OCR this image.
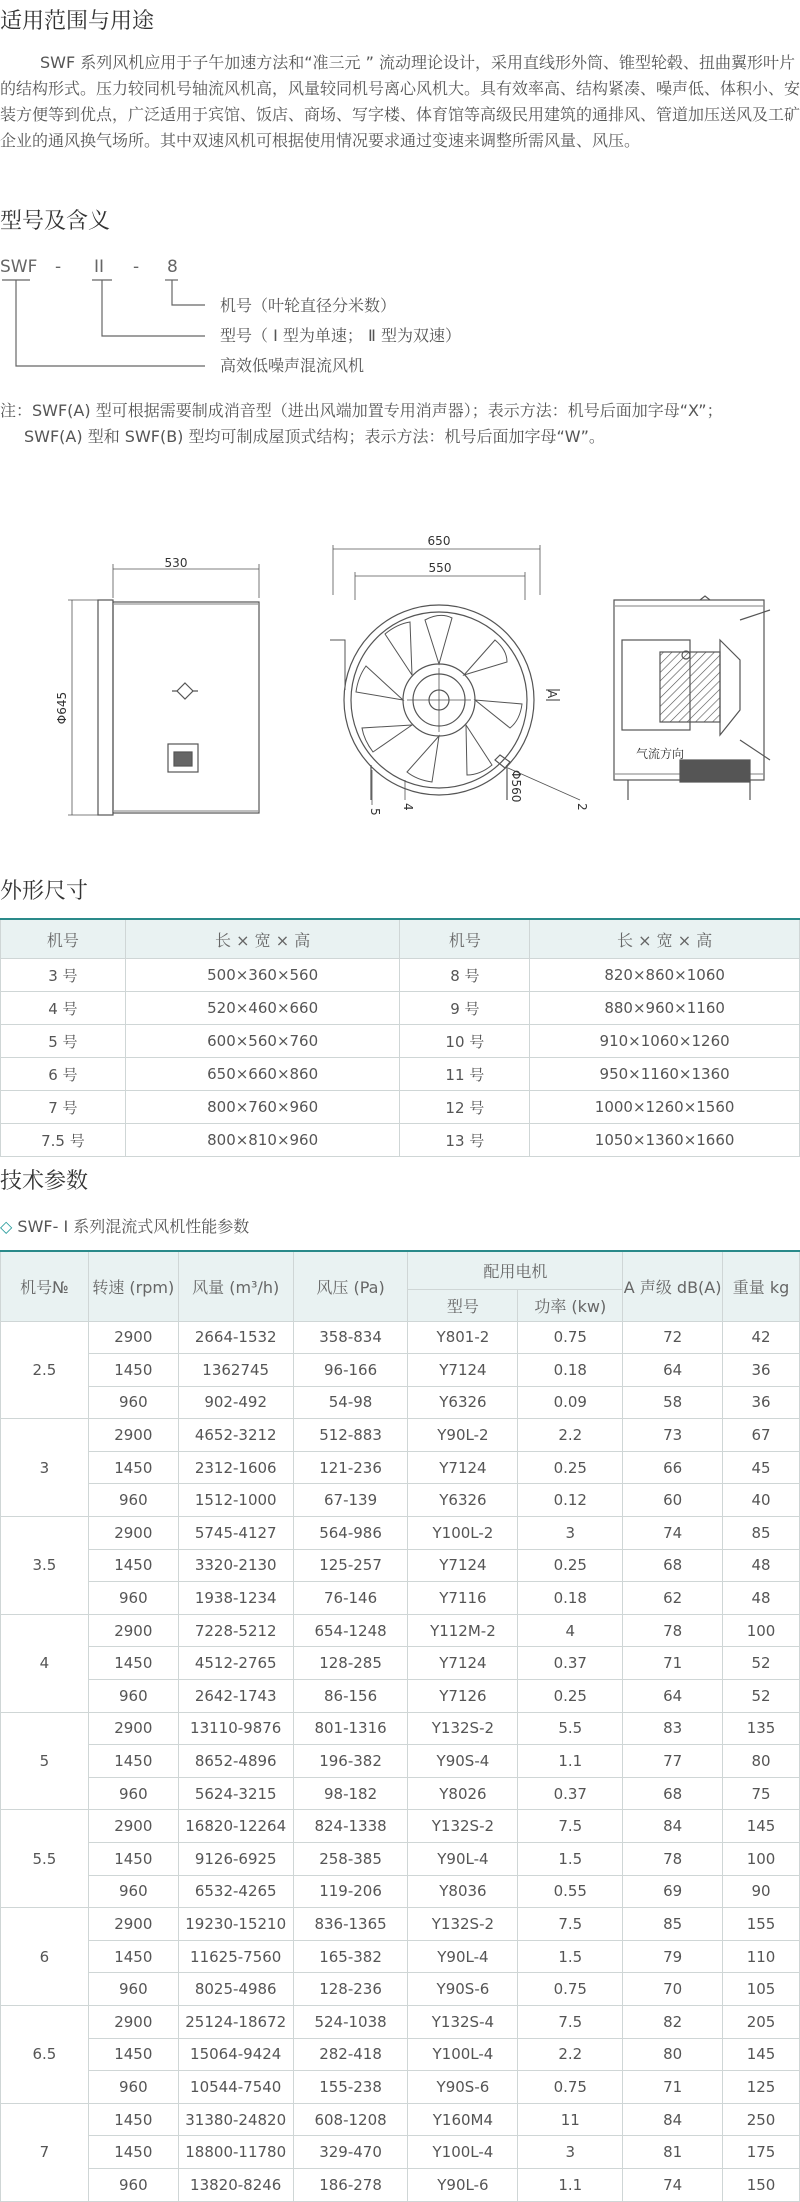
适用范围与用途

SWF 系列风机应用于子午加速方法和“准三元 ” 流动理论设计，采用直线形外筒、锥型轮毂、扭曲翼形叶片的结构形式。压力较同机号轴流风机高，风量较同机号离心风机大。具有效率高、结构紧凑、噪声低、体积小、安装方便等到优点，广泛适用于宾馆、饭店、商场、写字楼、体育馆等高级民用建筑的通排风、管道加压送风及工矿企业的通风换气场所。其中双速风机可根据使用情况要求通过变速来调整所需风量、风压。

型号及含义
SWF - II - 8
机号（叶轮直径分米数）
型号（ Ⅰ 型为单速； Ⅱ 型为双速）
高效低噪声混流风机
注：SWF(A) 型可根据需要制成消音型（进出风端加置专用消声器）；表示方法：机号后面加字母“X”；
SWF(A) 型和 SWF(B) 型均可制成屋顶式结构；表示方法：机号后面加字母“W”。
530
Φ645
650
550
Φ560
A
5
4	2
气流方向
外形尺寸
机号	长 × 宽 × 高	机号	长 × 宽 × 高
3 号	500×360×560	8 号	820×860×1060
4 号	520×460×660	9 号	880×960×1160
5 号	600×560×760	10 号	910×1060×1260
6 号	650×660×860	11 号	950×1160×1360
7 号	800×760×960	12 号	1000×1260×1560
7.5 号	800×810×960	13 号	1050×1360×1660
技术参数
◇ SWF- Ⅰ 系列混流式风机性能参数
机号№	转速 (rpm)	风量 (m³/h)	风压 (Pa)	配用电机		A 声级 dB(A)	重量 kg
				型号	功率 (kw)		
2.5	2900	2664-1532	358-834	Y801-2	0.75	72	42
	1450	1362745	96-166	Y7124	0.18	64	36
	960	902-492	54-98	Y6326	0.09	58	36
3	2900	4652-3212	512-883	Y90L-2	2.2	73	67
	1450	2312-1606	121-236	Y7124	0.25	66	45
	960	1512-1000	67-139	Y6326	0.12	60	40
3.5	2900	5745-4127	564-986	Y100L-2	3	74	85
	1450	3320-2130	125-257	Y7124	0.25	68	48
	960	1938-1234	76-146	Y7116	0.18	62	48
4	2900	7228-5212	654-1248	Y112M-2	4	78	100
	1450	4512-2765	128-285	Y7124	0.37	71	52
	960	2642-1743	86-156	Y7126	0.25	64	52
5	2900	13110-9876	801-1316	Y132S-2	5.5	83	135
	1450	8652-4896	196-382	Y90S-4	1.1	77	80
	960	5624-3215	98-182	Y8026	0.37	68	75
5.5	2900	16820-12264	824-1338	Y132S-2	7.5	84	145
	1450	9126-6925	258-385	Y90L-4	1.5	78	100
	960	6532-4265	119-206	Y8036	0.55	69	90
6	2900	19230-15210	836-1365	Y132S-2	7.5	85	155
	1450	11625-7560	165-382	Y90L-4	1.5	79	110
	960	8025-4986	128-236	Y90S-6	0.75	70	105
6.5	2900	25124-18672	524-1038	Y132S-4	7.5	82	205
	1450	15064-9424	282-418	Y100L-4	2.2	80	145
	960	10544-7540	155-238	Y90S-6	0.75	71	125
7	1450	31380-24820	608-1208	Y160M4	11	84	250
	1450	18800-11780	329-470	Y100L-4	3	81	175
	960	13820-8246	186-278	Y90L-6	1.1	74	150
